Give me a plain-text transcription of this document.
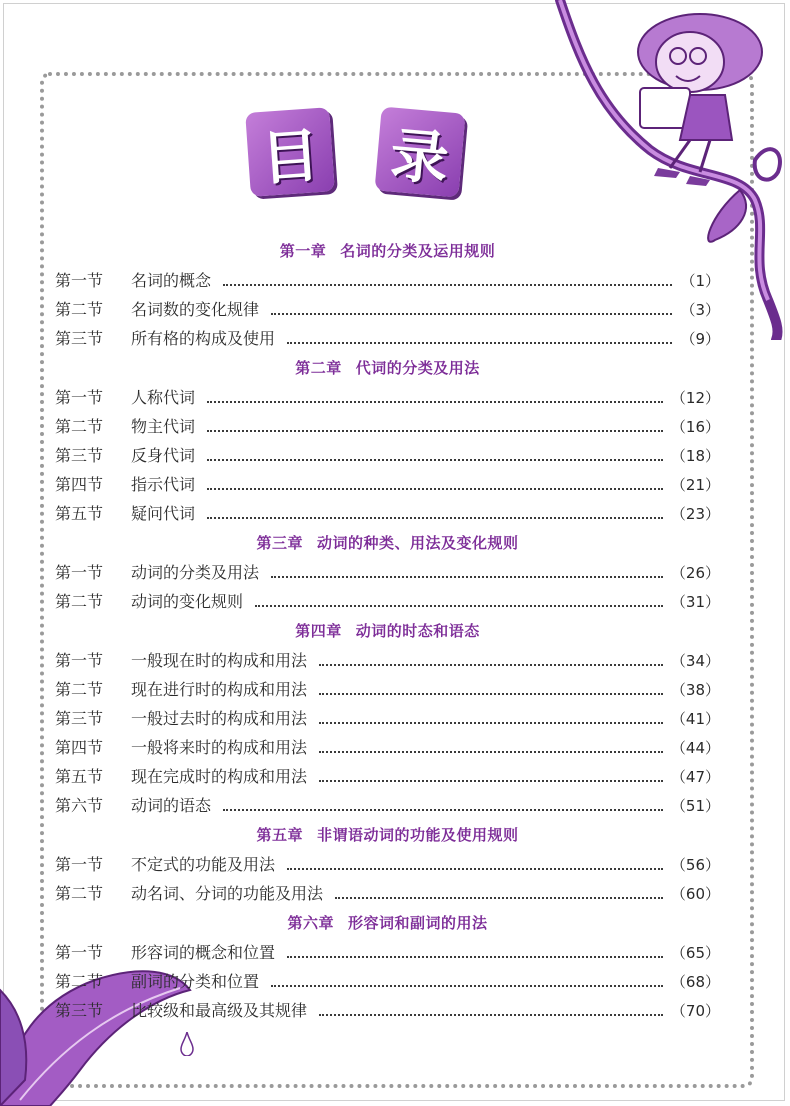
目 录
第一章 名词的分类及运用规则
第一节	名词的概念	（1）
第二节	名词数的变化规律	（3）
第三节	所有格的构成及使用	（9）
第二章 代词的分类及用法
第一节	人称代词	（12）
第二节	物主代词	（16）
第三节	反身代词	（18）
第四节	指示代词	（21）
第五节	疑问代词	（23）
第三章 动词的种类、用法及变化规则
第一节	动词的分类及用法	（26）
第二节	动词的变化规则	（31）
第四章 动词的时态和语态
第一节	一般现在时的构成和用法	（34）
第二节	现在进行时的构成和用法	（38）
第三节	一般过去时的构成和用法	（41）
第四节	一般将来时的构成和用法	（44）
第五节	现在完成时的构成和用法	（47）
第六节	动词的语态	（51）
第五章 非谓语动词的功能及使用规则
第一节	不定式的功能及用法	（56）
第二节	动名词、分词的功能及用法	（60）
第六章 形容词和副词的用法
第一节	形容词的概念和位置	（65）
第二节	副词的分类和位置	（68）
第三节	比较级和最高级及其规律	（70）
